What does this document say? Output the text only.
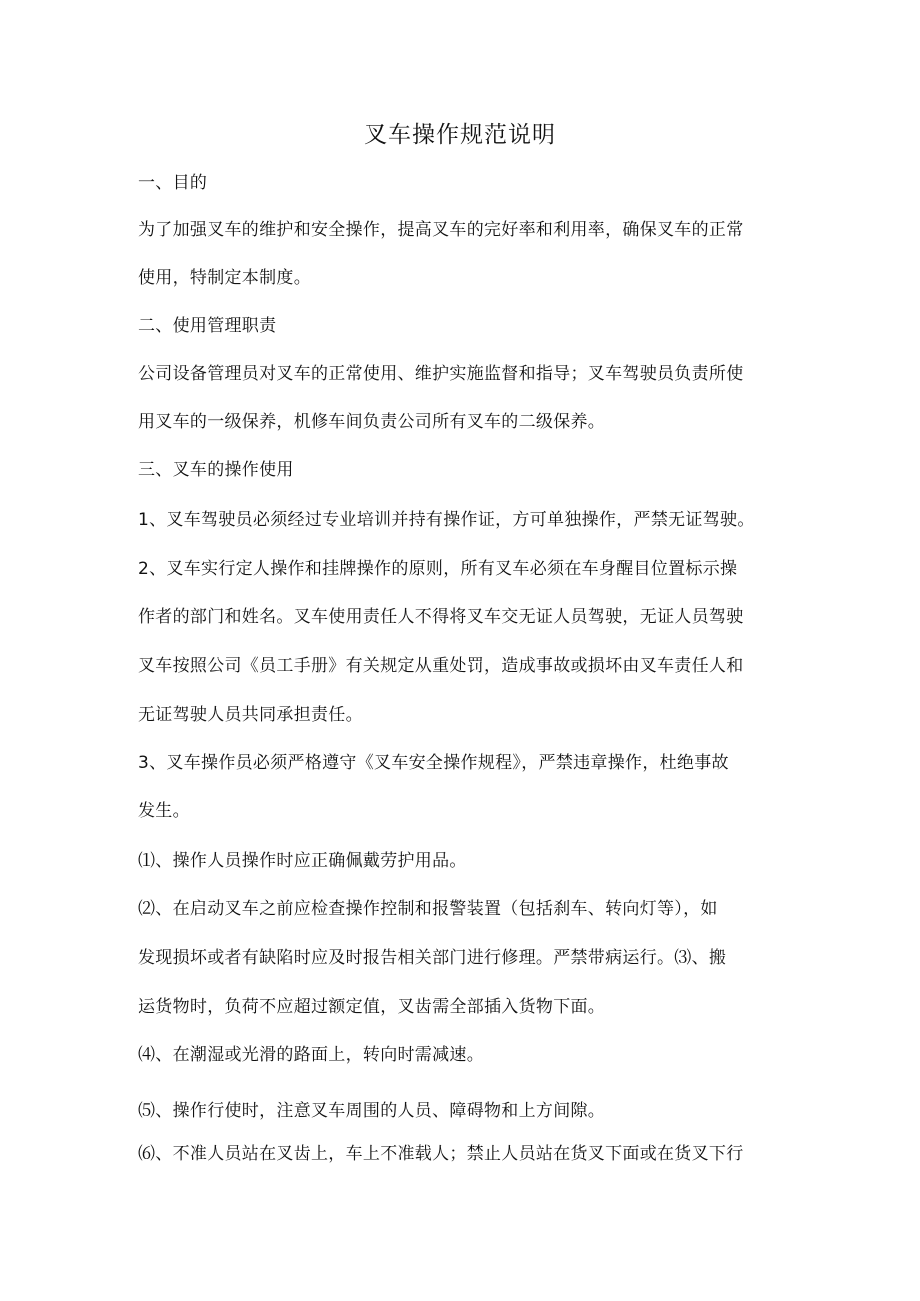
叉车操作规范说明
一、目的
为了加强叉车的维护和安全操作，提高叉车的完好率和利用率，确保叉车的正常
使用，特制定本制度。
二、使用管理职责
公司设备管理员对叉车的正常使用、维护实施监督和指导；叉车驾驶员负责所使
用叉车的一级保养，机修车间负责公司所有叉车的二级保养。
三、叉车的操作使用
1、叉车驾驶员必须经过专业培训并持有操作证，方可单独操作，严禁无证驾驶。
2、叉车实行定人操作和挂牌操作的原则，所有叉车必须在车身醒目位置标示操
作者的部门和姓名。叉车使用责任人不得将叉车交无证人员驾驶，无证人员驾驶
叉车按照公司《员工手册》有关规定从重处罚，造成事故或损坏由叉车责任人和
无证驾驶人员共同承担责任。
3、叉车操作员必须严格遵守《叉车安全操作规程》，严禁违章操作，杜绝事故
发生。
⑴、操作人员操作时应正确佩戴劳护用品。
⑵、在启动叉车之前应检查操作控制和报警装置（包括刹车、转向灯等），如
发现损坏或者有缺陷时应及时报告相关部门进行修理。严禁带病运行。⑶、搬
运货物时，负荷不应超过额定值，叉齿需全部插入货物下面。
⑷、在潮湿或光滑的路面上，转向时需减速。
⑸、操作行使时，注意叉车周围的人员、障碍物和上方间隙。
⑹、不准人员站在叉齿上，车上不准载人；禁止人员站在货叉下面或在货叉下行
